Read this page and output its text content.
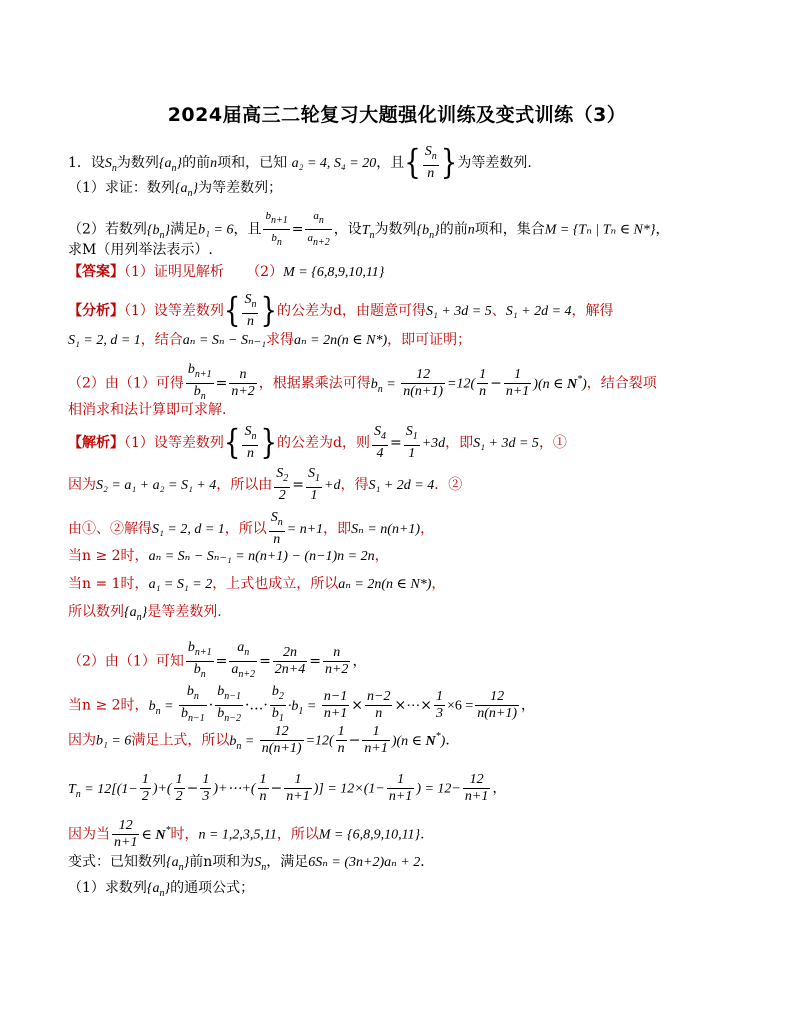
2024届高三二轮复习大题强化训练及变式训练（3）
1．设$S_n$为数列$\{a_n\}$的前n项和，已知 a₂ = 4, S₄ = 20，且{ $\frac{S_n}{n}$ }为等差数列.
（1）求证：数列$\{a_n\}$为等差数列；
（2）若数列$\{b_n\}$满足b₁ = 6，且 $\frac{b_{n+1}}{b_n} = \frac{a_n}{a_{n+2}}$ ，设$T_n$为数列$\{b_n\}$的前n项和，集合M = {Tₙ | Tₙ ∈ N*}，
求M（用列举法表示）.
【答案】（1）证明见解析 （2）M = {6,8,9,10,11}
【分析】（1）设等差数列{ $\frac{S_n}{n}$ }的公差为d，由题意可得S₁ + 3d = 5、S₁ + 2d = 4，解得
S₁ = 2, d = 1，结合aₙ = Sₙ − Sₙ₋₁求得aₙ = 2n(n ∈ N*)，即可证明；
（2）由（1）可得 $\frac{b_{n+1}}{b_n} = \frac{n}{n+2}$ ，根据累乘法可得$b_n = \frac{12}{n(n+1)} =12( \frac{1}{n} - \frac{1}{n+1} )(n$ ∈ N*)，结合裂项
相消求和法计算即可求解.
【解析】（1）设等差数列{ $\frac{S_n}{n}$ }的公差为d，则 $\frac{S_4}{4} = \frac{S_1}{1} +3d$，即S₁ + 3d = 5，①
因为S₂ = a₁ + a₂ = S₁ + 4，所以由 $\frac{S_2}{2} = \frac{S_1}{1} +d$，得S₁ + 2d = 4．②
由①、②解得S₁ = 2, d = 1，所以 $\frac{S_n}{n} = n+1$，即Sₙ = n(n+1)，
当n ≥ 2时，aₙ = Sₙ − Sₙ₋₁ = n(n+1) − (n−1)n = 2n，
当n = 1时，a₁ = S₁ = 2，上式也成立，所以aₙ = 2n(n ∈ N*)，
所以数列$\{a_n\}$是等差数列.
（2）由（1）可知 $\frac{b_{n+1}}{b_n} = \frac{a_n}{a_{n+2}} = \frac{2n}{2n+4} = \frac{n}{n+2}$ ，
当n ≥ 2时，$b_n = \frac{b_n}{b_{n-1}} \cdot \frac{b_{n-1}}{b_{n-2}}$ ·…· $\frac{b_2}{b_1} \cdot b_1 = \frac{n-1}{n+1} \times \frac{n-2}{n}$ ×⋯× $\frac{1}{3} \times 6 = \frac{12}{n(n+1)}$ ，
因为b₁ = 6满足上式，所以$b_n = \frac{12}{n(n+1)} =12( \frac{1}{n} - \frac{1}{n+1} )(n$ ∈ N*)．
$T_n = 12[(1- \frac{1}{2}$ )+( $\frac{1}{2} - \frac{1}{3}$ )+⋯+( $\frac{1}{n} - \frac{1}{n+1}$ )] = $12\times(1- \frac{1}{n+1}$ ) = $12- \frac{12}{n+1}$ ，
因为当 $\frac{12}{n+1}$ ∈ N*时，n = 1,2,3,5,11，所以M = {6,8,9,10,11}．
变式：已知数列$\{a_n\}$前n项和为$S_n$，满足6Sₙ = (3n+2)aₙ + 2．
（1）求数列$\{a_n\}$的通项公式；
